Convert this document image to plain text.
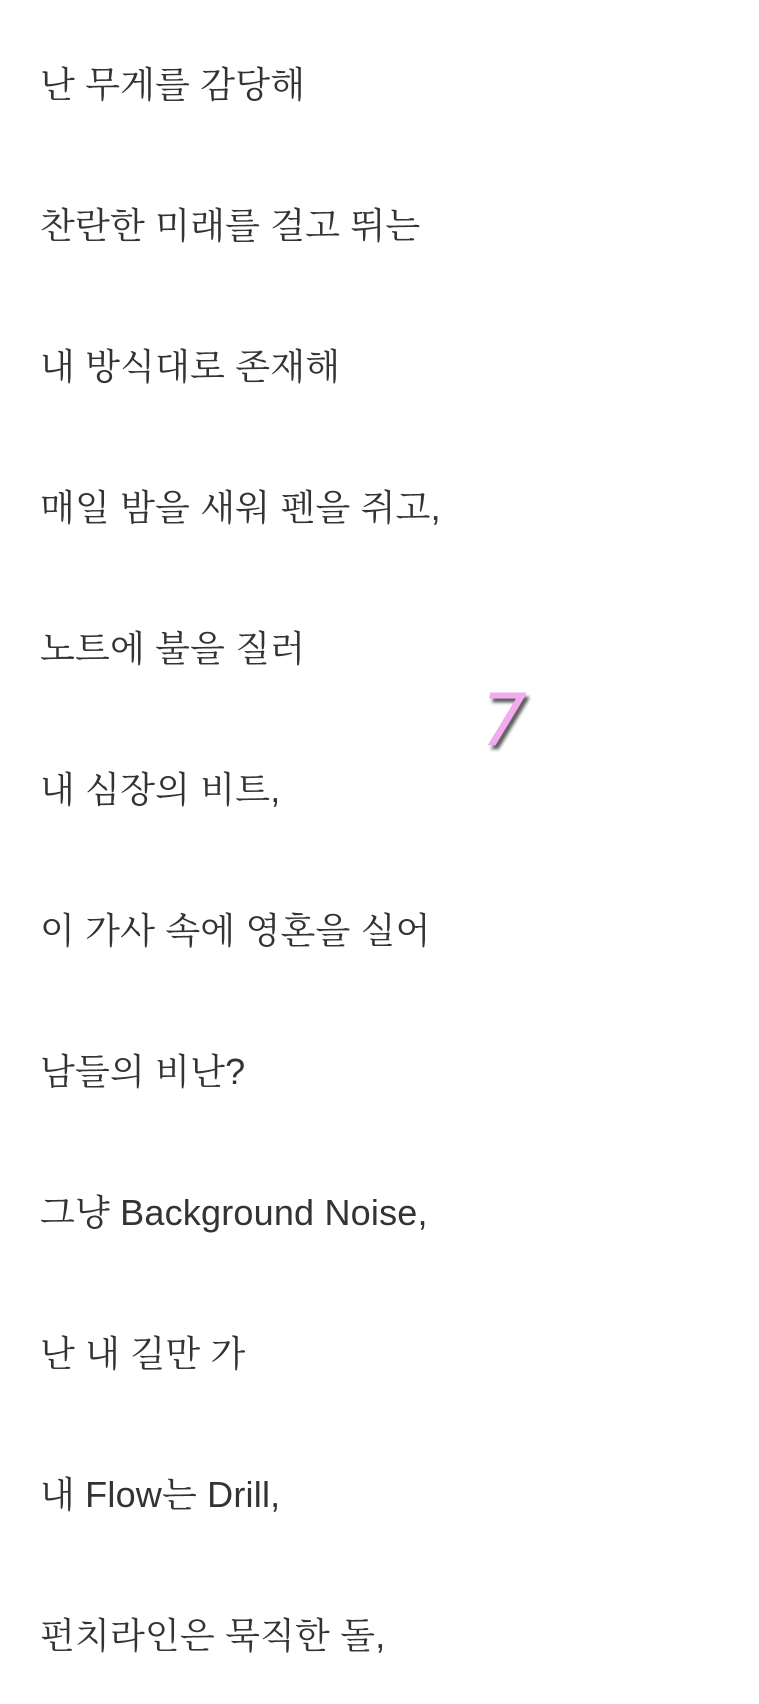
난 무게를 감당해

찬란한 미래를 걸고 뛰는

내 방식대로 존재해

매일 밤을 새워 펜을 쥐고,

노트에 불을 질러

내 심장의 비트,

이 가사 속에 영혼을 실어

남들의 비난?

그냥 Background Noise,

난 내 길만 가

내 Flow는 Drill,

펀치라인은 묵직한 돌,

7
